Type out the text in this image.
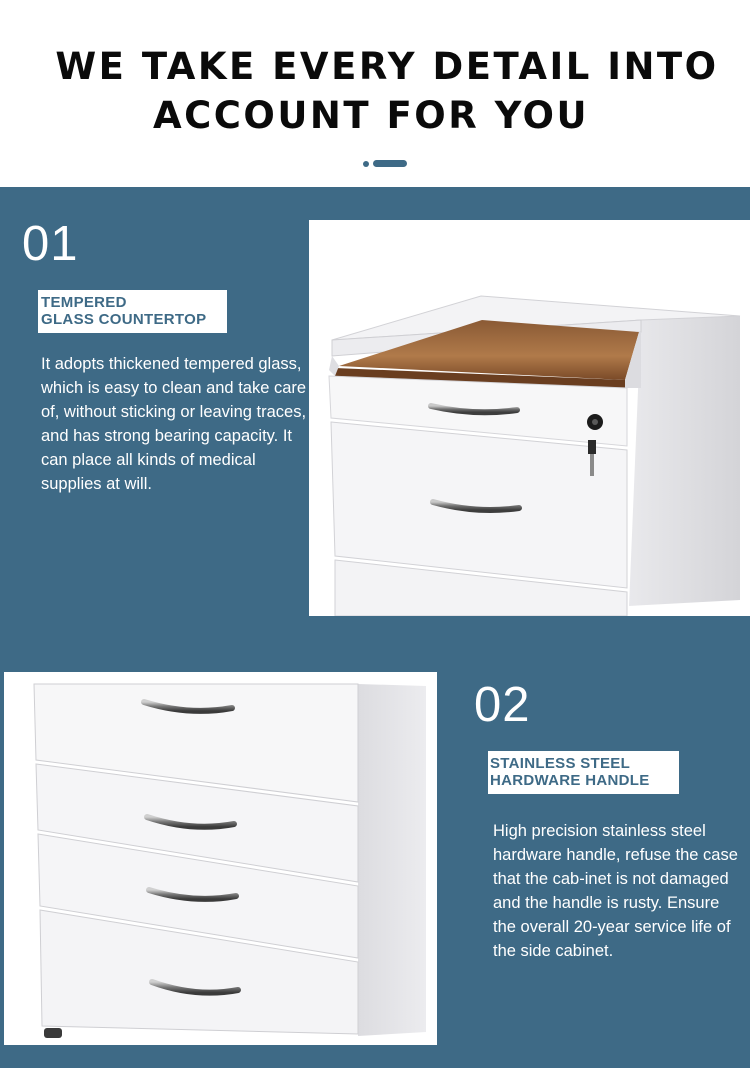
WE TAKE EVERY DETAIL INTO
ACCOUNT FOR YOU
01
TEMPERED
GLASS COUNTERTOP

It adopts thickened tempered glass, which is easy to clean and take care of, without sticking or leaving traces, and has strong bearing capacity. It can place all kinds of medical supplies at will.

02
STAINLESS STEEL
HARDWARE HANDLE

High precision stainless steel hardware handle, refuse the case that the cab-inet is not damaged and the handle is rusty. Ensure the overall 20-year service life of the side cabinet.
